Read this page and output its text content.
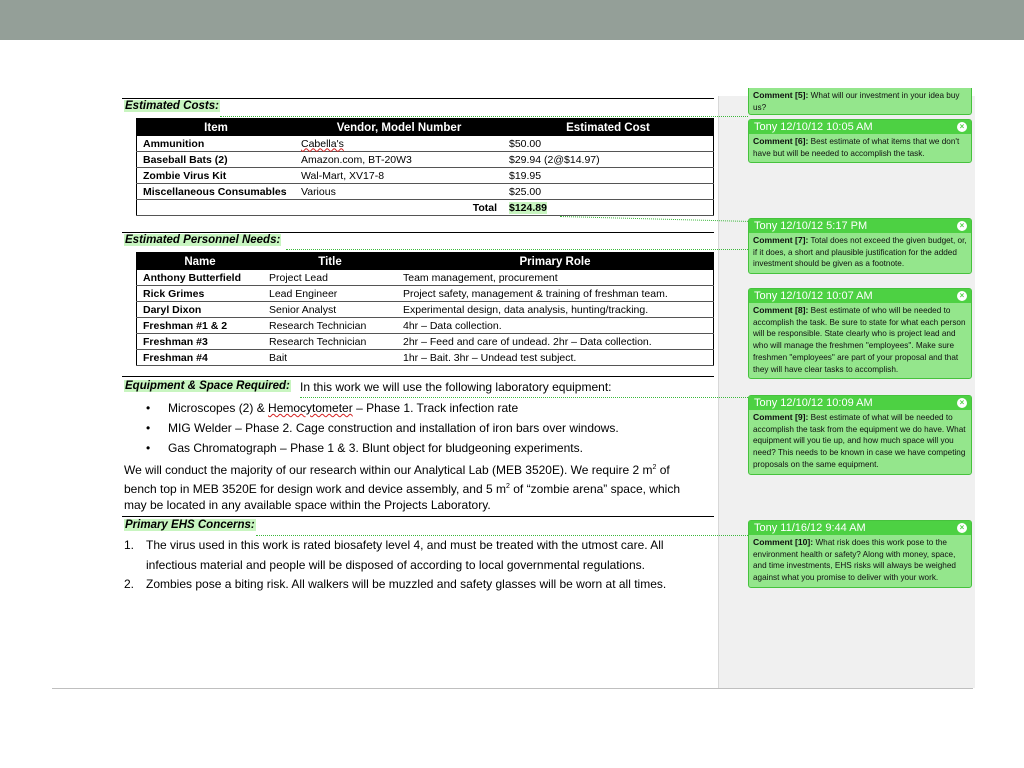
Estimated Costs:
Item	Vendor, Model Number	Estimated Cost
Ammunition	Cabella's	$50.00
Baseball Bats (2)	Amazon.com, BT-20W3	$29.94 (2@$14.97)
Zombie Virus Kit	Wal-Mart, XV17-8	$19.95
Miscellaneous Consumables	Various	$25.00
	Total	$124.89
Estimated Personnel Needs:
Name	Title	Primary Role
Anthony Butterfield	Project Lead	Team management, procurement
Rick Grimes	Lead Engineer	Project safety, management & training of freshman team.
Daryl Dixon	Senior Analyst	Experimental design, data analysis, hunting/tracking.
Freshman #1 & 2	Research Technician	4hr – Data collection.
Freshman #3	Research Technician	2hr – Feed and care of undead. 2hr – Data collection.
Freshman #4	Bait	1hr – Bait. 3hr – Undead test subject.
Equipment & Space Required: In this work we will use the following laboratory equipment:
• Microscopes (2) & Hemocytometer – Phase 1. Track infection rate
• MIG Welder – Phase 2. Cage construction and installation of iron bars over windows.
• Gas Chromatograph – Phase 1 & 3. Blunt object for bludgeoning experiments.
We will conduct the majority of our research within our Analytical Lab (MEB 3520E). We require 2 $m^2$ of
bench top in MEB 3520E for design work and device assembly, and 5 $m^2$ of “zombie arena” space, which
may be located in any available space within the Projects Laboratory.
Primary EHS Concerns:
1. The virus used in this work is rated biosafety level 4, and must be treated with the utmost care. All
infectious material and people will be disposed of according to local governmental regulations.
2. Zombies pose a biting risk. All walkers will be muzzled and safety glasses will be worn at all times.
Comment [5]: What will our investment in your idea buy us?
Tony 12/10/12 10:05 AM	×
Comment [6]: Best estimate of what items that we don't have but will be needed to accomplish the task.
Tony 12/10/12 5:17 PM	×
Comment [7]: Total does not exceed the given budget, or, if it does, a short and plausible justification for the added investment should be given as a footnote.
Tony 12/10/12 10:07 AM	×
Comment [8]: Best estimate of who will be needed to accomplish the task. Be sure to state for what each person will be responsible. State clearly who is project lead and who will manage the freshmen "employees". Make sure freshmen "employees" are part of your proposal and that they will have clear tasks to accomplish.
Tony 12/10/12 10:09 AM	×
Comment [9]: Best estimate of what will be needed to accomplish the task from the equipment we do have. What equipment will you tie up, and how much space will you need? This needs to be known in case we have competing proposals on the same equipment.
Tony 11/16/12 9:44 AM	×
Comment [10]: What risk does this work pose to the environment health or safety? Along with money, space, and time investments, EHS risks will always be weighed against what you promise to deliver with your work.
